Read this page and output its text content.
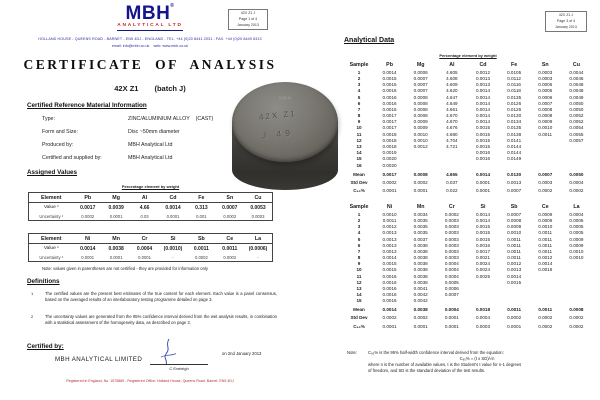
MBH®
ANALYTICAL LTD
42X Z1 J
Page 1 of 4
January 2013
HOLLAND HOUSE - QUEENS ROAD - BARNET - EN5 4DJ - ENGLAND - TEL. +44 (0)20 8441 2031 - FAX. +44 (0)20 8449 6313
email: info@mbh.co.uk    web: www.mbh.co.uk
CERTIFICATE OF ANALYSIS
42X Z1 (batch J)
Certified Reference Material Information
Type:	ZINC/ALUMINIUM ALLOY    (CAST)
Form and Size:	Disc ~50mm diameter
Produced by:	MBH Analytical Ltd
Certified and supplied by:	MBH Analytical Ltd
Assigned Values
Percentage element by weight
Element	Pb	Mg	Al	Cd	Fe	Sn	Cu
Value ¹	0.0017	0.0039	4.66	0.0014	0.313	0.0007	0.0053
Uncertainty ²	0.0002	0.0001	0.03	0.0001	0.001	0.0002	0.0003
Element	Ni	Mn	Cr	Si	Sb	Ce	La
Value ¹	0.0014	0.0038	0.0004	(0.0010)	0.0011	0.0011	(0.0006)
Uncertainty ²	0.0001	0.0001	0.0001	-	0.0002	0.0002	-
Note: values given in parentheses are not certified - they are provided for information only
Definitions
1	The certified values are the present best estimates of the true content for each element. Each value is a panel consensus, based on the averaged results of an interlaboratory testing programme detailed on page 3.
2	The uncertainty values are generated from the 95% confidence interval derived from the wet analysis results, in combination with a statistical assessment of the homogeneity data, as described on page 2.
Certified by:
MBH ANALYTICAL LIMITED
C Eveleigh
on 2nd January 2013
Registered in England, No. 1575889 - Registered Office: Holland House, Queens Road, Barnet, EN5 4DJ
MBH
42X Z1
J 49
42X Z1 J
Page 3 of 4
January 2013
Analytical Data
Percentage element by weight
Sample	Pb	Mg	Al	Cd	Fe	Sn	Cu
1	0.0014	0.0006	4.605	0.0012	0.0105	0.0003	0.0044
2	0.0015	0.0007	4.608	0.0013	0.0112	0.0003	0.0046
3	0.0015	0.0007	4.609	0.0013	0.0116	0.0005	0.0048
4	0.0016	0.0007	4.620	0.0014	0.0118	0.0005	0.0048
5	0.0016	0.0008	4.647	0.0014	0.0135	0.0006	0.0049
6	0.0016	0.0008	4.649	0.0014	0.0126	0.0007	0.0050
7	0.0016	0.0008	4.661	0.0014	0.0126	0.0008	0.0050
8	0.0017	0.0008	4.670	0.0014	0.0130	0.0008	0.0052
9	0.0017	0.0009	4.670	0.0014	0.0134	0.0009	0.0052
10	0.0017	0.0009	4.676	0.0015	0.0135	0.0010	0.0054
11	0.0018	0.0010	4.680	0.0015	0.0138	0.0011	0.0055
12	0.0018	0.0010	4.704	0.0015	0.0141		0.0057
13	0.0018	0.0012	4.721	0.0015	0.0144		
14	0.0019			0.0016	0.0144		
15	0.0020			0.0016	0.0149		
16	0.0020						
Mean	0.0017	0.0008	4.655	0.0014	0.0130	0.0007	0.0050
Std Dev	0.0002	0.0002	0.037	0.0001	0.0013	0.0003	0.0004
C₉₅%	0.0001	0.0001	0.022	0.0001	0.0007	0.0002	0.0002
Sample	Ni	Mn	Cr	Si	Sb	Ce	La
1	0.0010	0.0034	0.0002	0.0014	0.0007	0.0009	0.0004
2	0.0011	0.0035	0.0003	0.0014	0.0008	0.0009	0.0005
3	0.0012	0.0035	0.0003	0.0015	0.0009	0.0010	0.0005
4	0.0013	0.0035	0.0003	0.0015	0.0010	0.0011	0.0005
5	0.0013	0.0037	0.0003	0.0015	0.0011	0.0011	0.0009
6	0.0013	0.0038	0.0003	0.0016	0.0011	0.0011	0.0009
7	0.0013	0.0038	0.0003	0.0017	0.0011	0.0011	0.0010
8	0.0014	0.0038	0.0003	0.0021	0.0011	0.0012	0.0010
9	0.0015	0.0038	0.0004	0.0024	0.0012	0.0014	
10	0.0015	0.0038	0.0004	0.0024	0.0013	0.0016	
11	0.0016	0.0038	0.0004	0.0025	0.0014		
12	0.0016	0.0038	0.0005		0.0015		
13	0.0016	0.0041	0.0006				
14	0.0016	0.0042	0.0007				
15	0.0016	0.0042					
Mean	0.0014	0.0038	0.0004	0.0018	0.0011	0.0011	0.0008
Std Dev	0.0002	0.0002	0.0001	0.0004	0.0002	0.0002	0.0002
C₉₅%	0.0001	0.0001	0.0001	0.0003	0.0001	0.0002	0.0002
Note:	C₉₅% is the 95% half-width confidence interval derived from the equation:
C₉₅% = (t x SD)/√n
where n is the number of available values, t is the Student's t value for n-1 degrees
of freedom, and SD is the standard deviation of the test results.
